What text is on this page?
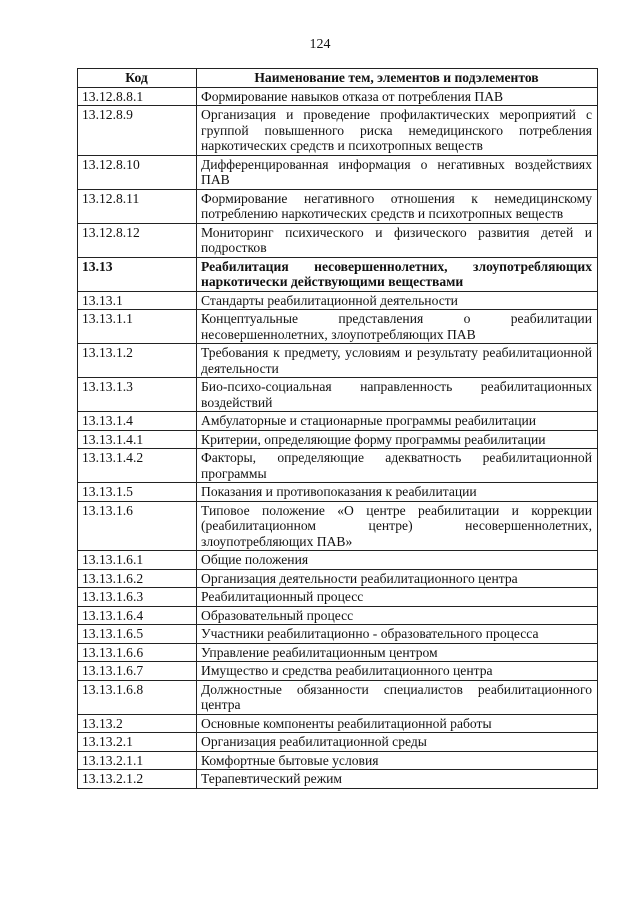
124
Код	Наименование тем, элементов и подэлементов
13.12.8.8.1	Формирование навыков отказа от потребления ПАВ
13.12.8.9	Организация и проведение профилактических мероприятий с группой повышенного риска немедицинского потребления наркотических средств и психотропных веществ
13.12.8.10	Дифференцированная информация о негативных воздействиях ПАВ
13.12.8.11	Формирование негативного отношения к немедицинскому потреблению наркотических средств и психотропных веществ
13.12.8.12	Мониторинг психического и физического развития детей и подростков
13.13	Реабилитация несовершеннолетних, злоупотребляющих наркотически действующими веществами
13.13.1	Стандарты реабилитационной деятельности
13.13.1.1	Концептуальные представления о реабилитации несовершеннолетних, злоупотребляющих ПАВ
13.13.1.2	Требования к предмету, условиям и результату реабилитационной деятельности
13.13.1.3	Био-психо-социальная направленность реабилитационных воздействий
13.13.1.4	Амбулаторные и стационарные программы реабилитации
13.13.1.4.1	Критерии, определяющие форму программы реабилитации
13.13.1.4.2	Факторы, определяющие адекватность реабилитационной программы
13.13.1.5	Показания и противопоказания к реабилитации
13.13.1.6	Типовое положение «О центре реабилитации и коррекции (реабилитационном центре) несовершеннолетних, злоупотребляющих ПАВ»
13.13.1.6.1	Общие положения
13.13.1.6.2	Организация деятельности реабилитационного центра
13.13.1.6.3	Реабилитационный процесс
13.13.1.6.4	Образовательный процесс
13.13.1.6.5	Участники реабилитационно - образовательного процесса
13.13.1.6.6	Управление реабилитационным центром
13.13.1.6.7	Имущество и средства реабилитационного центра
13.13.1.6.8	Должностные обязанности специалистов реабилитационного центра
13.13.2	Основные компоненты реабилитационной работы
13.13.2.1	Организация реабилитационной среды
13.13.2.1.1	Комфортные бытовые условия
13.13.2.1.2	Терапевтический режим
